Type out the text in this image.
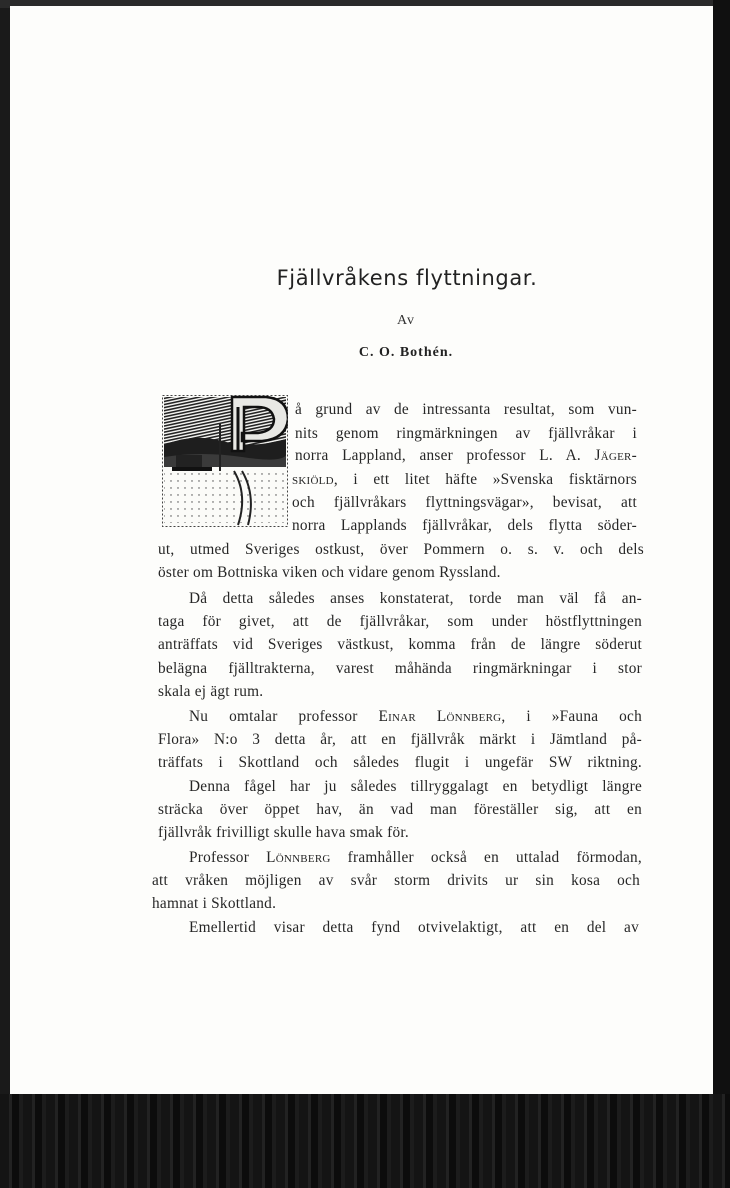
Fjällvråkens flyttningar.
Av
C. O. Bothén.
å grund av de intressanta resultat, som vun-
nits genom ringmärkningen av fjällvråkar i
norra Lappland, anser professor L. A. Jäger-
skiöld, i ett litet häfte »Svenska fisktärnors
och fjällvråkars flyttningsvägar», bevisat, att
norra Lapplands fjällvråkar, dels flytta söder-
ut, utmed Sveriges ostkust, över Pommern o. s. v. och dels
öster om Bottniska viken och vidare genom Ryssland.
Då detta således anses konstaterat, torde man väl få an-
taga för givet, att de fjällvråkar, som under höstflyttningen
anträffats vid Sveriges västkust, komma från de längre söderut
belägna fjälltrakterna, varest måhända ringmärkningar i stor
skala ej ägt rum.
Nu omtalar professor Einar Lönnberg, i »Fauna och
Flora» N:o 3 detta år, att en fjällvråk märkt i Jämtland på-
träffats i Skottland och således flugit i ungefär SW riktning.
Denna fågel har ju således tillryggalagt en betydligt längre
sträcka över öppet hav, än vad man föreställer sig, att en
fjällvråk frivilligt skulle hava smak för.
Professor Lönnberg framhåller också en uttalad förmodan,
att vråken möjligen av svår storm drivits ur sin kosa och
hamnat i Skottland.
Emellertid visar detta fynd otvivelaktigt, att en del av
